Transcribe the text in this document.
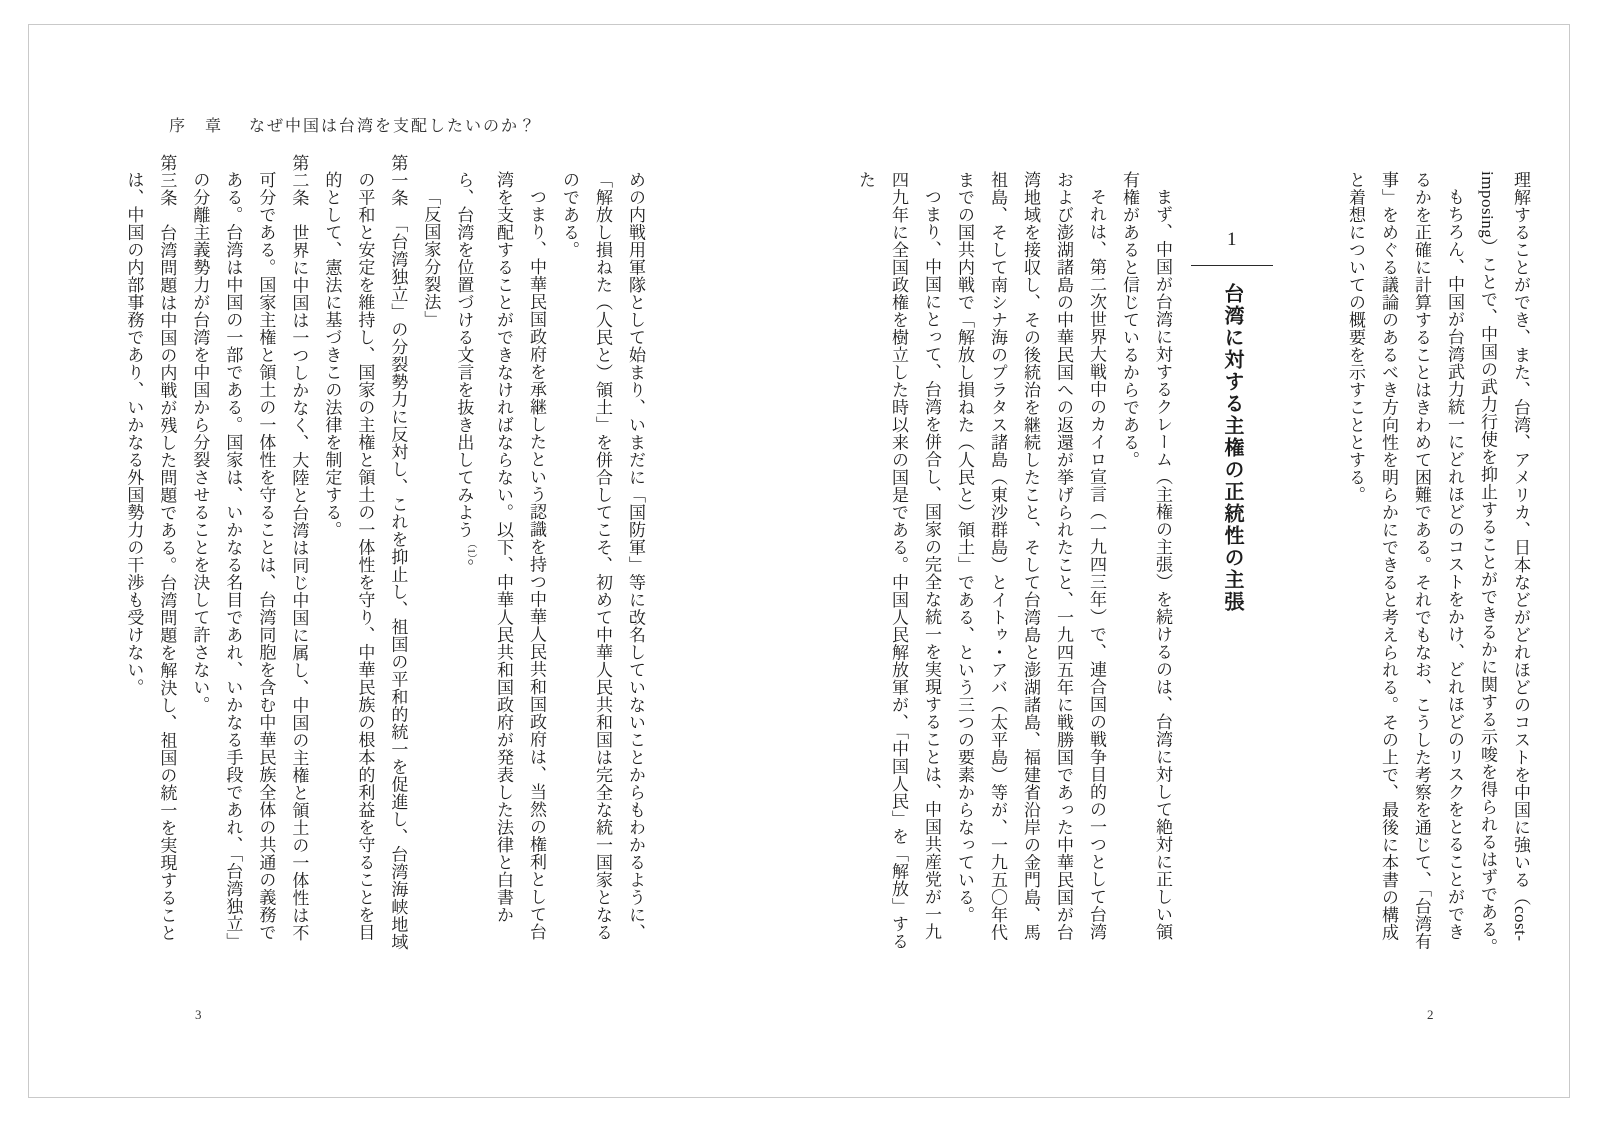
序　章 なぜ中国は台湾を支配したいのか？

理解することができ、また、台湾、アメリカ、日本などがどれほどのコストを中国に強いる（cost-imposing）ことで、中国の武力行使を抑止することができるかに関する示唆を得られるはずである。

もちろん、中国が台湾武力統一にどれほどのコストをかけ、どれほどのリスクをとることができるかを正確に計算することはきわめて困難である。それでもなお、こうした考察を通じて、「台湾有事」をめぐる議論のあるべき方向性を明らかにできると考えられる。その上で、最後に本書の構成と着想についての概要を示すこととする。

1
台湾に対する主権の正統性の主張

まず、中国が台湾に対するクレーム（主権の主張）を続けるのは、台湾に対して絶対に正しい領有権があると信じているからである。

それは、第二次世界大戦中のカイロ宣言（一九四三年）で、連合国の戦争目的の一つとして台湾および澎湖諸島の中華民国への返還が挙げられたこと、一九四五年に戦勝国であった中華民国が台湾地域を接収し、その後統治を継続したこと、そして台湾島と澎湖諸島、福建省沿岸の金門島、馬祖島、そして南シナ海のプラタス諸島（東沙群島）とイトゥ・アバ（太平島）等が、一九五〇年代までの国共内戦で「解放し損ねた（人民と）領土」である、という三つの要素からなっている。

つまり、中国にとって、台湾を併合し、国家の完全な統一を実現することは、中国共産党が一九四九年に全国政権を樹立した時以来の国是である。中国人民解放軍が、「中国人民」を「解放」するた

めの内戦用軍隊として始まり、いまだに「国防軍」等に改名していないことからもわかるように、「解放し損ねた（人民と）領土」を併合してこそ、初めて中華人民共和国は完全な統一国家となるのである。

つまり、中華民国政府を承継したという認識を持つ中華人民共和国政府は、当然の権利として台湾を支配することができなければならない。以下、中華人民共和国政府が発表した法律と白書から、台湾を位置づける文言を抜き出してみよう$^{(1)}$。

「反国家分裂法」

第一条　「台湾独立」の分裂勢力に反対し、これを抑止し、祖国の平和的統一を促進し、台湾海峡地域の平和と安定を維持し、国家の主権と領土の一体性を守り、中華民族の根本的利益を守ることを目的として、憲法に基づきこの法律を制定する。

第二条　世界に中国は一つしかなく、大陸と台湾は同じ中国に属し、中国の主権と領土の一体性は不可分である。国家主権と領土の一体性を守ることは、台湾同胞を含む中華民族全体の共通の義務である。台湾は中国の一部である。国家は、いかなる名目であれ、いかなる手段であれ、「台湾独立」の分離主義勢力が台湾を中国から分裂させることを決して許さない。

第三条　台湾問題は中国の内戦が残した問題である。台湾問題を解決し、祖国の統一を実現することは、中国の内部事務であり、いかなる外国勢力の干渉も受けない。

2
3
